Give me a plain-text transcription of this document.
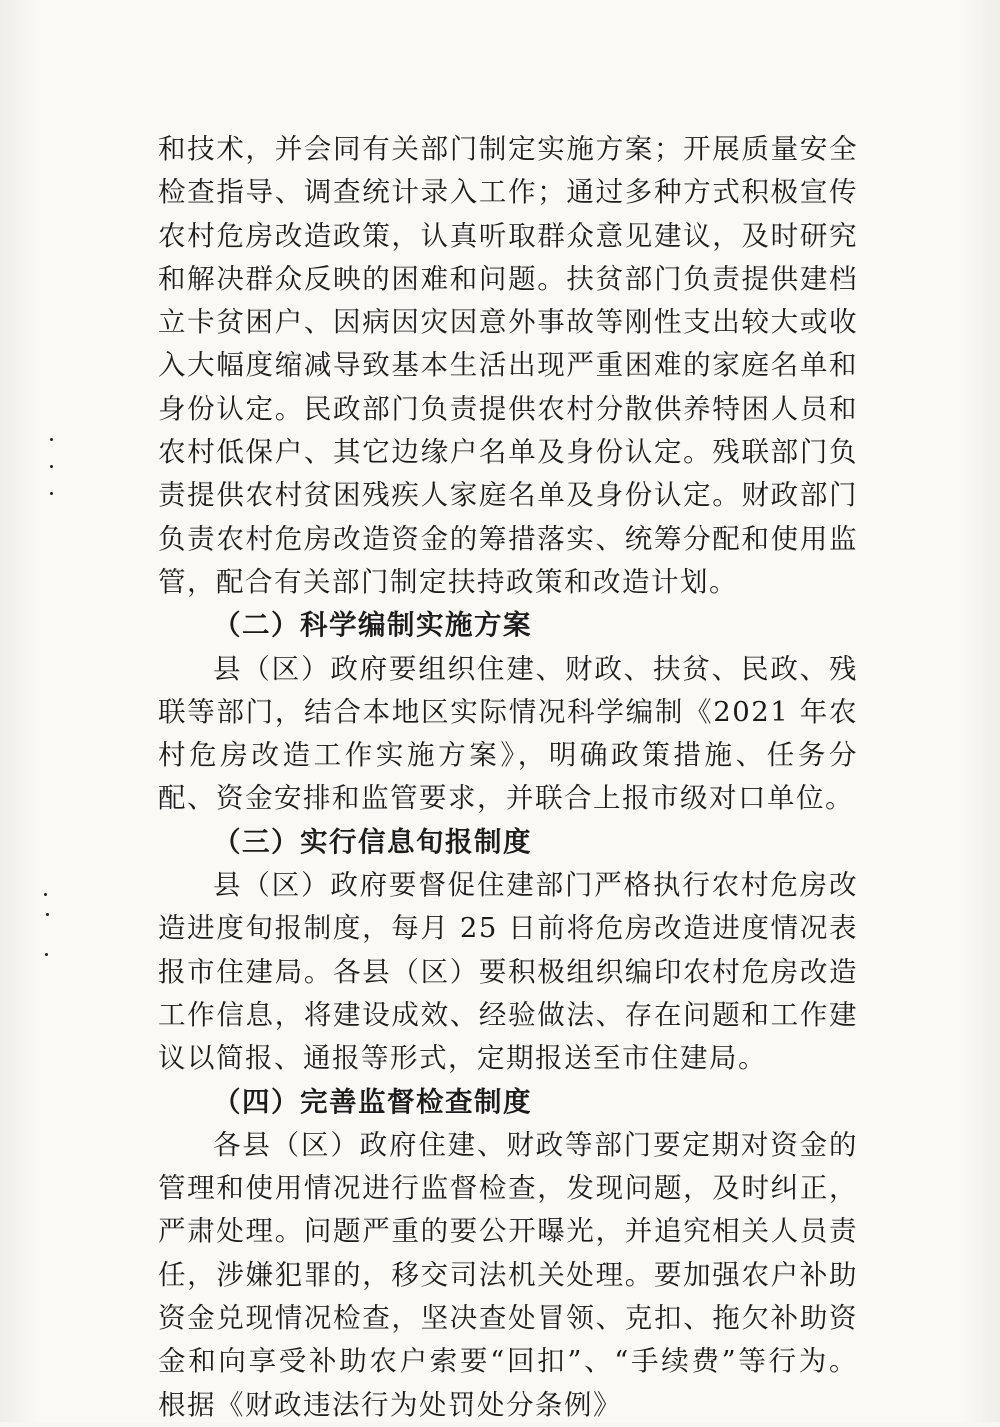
和技术，并会同有关部门制定实施方案；开展质量安全检查指导、调查统计录入工作；通过多种方式积极宣传农村危房改造政策，认真听取群众意见建议，及时研究和解决群众反映的困难和问题。扶贫部门负责提供建档立卡贫困户、因病因灾因意外事故等刚性支出较大或收入大幅度缩减导致基本生活出现严重困难的家庭名单和身份认定。民政部门负责提供农村分散供养特困人员和农村低保户、其它边缘户名单及身份认定。残联部门负责提供农村贫困残疾人家庭名单及身份认定。财政部门负责农村危房改造资金的筹措落实、统筹分配和使用监管，配合有关部门制定扶持政策和改造计划。

（二）科学编制实施方案

县（区）政府要组织住建、财政、扶贫、民政、残联等部门，结合本地区实际情况科学编制《2021 年农村危房改造工作实施方案》，明确政策措施、任务分配、资金安排和监管要求，并联合上报市级对口单位。

（三）实行信息旬报制度

县（区）政府要督促住建部门严格执行农村危房改造进度旬报制度，每月 25 日前将危房改造进度情况表报市住建局。各县（区）要积极组织编印农村危房改造工作信息，将建设成效、经验做法、存在问题和工作建议以简报、通报等形式，定期报送至市住建局。

（四）完善监督检查制度

各县（区）政府住建、财政等部门要定期对资金的管理和使用情况进行监督检查，发现问题，及时纠正，严肃处理。问题严重的要公开曝光，并追究相关人员责任，涉嫌犯罪的，移交司法机关处理。要加强农户补助资金兑现情况检查，坚决查处冒领、克扣、拖欠补助资金和向享受补助农户索要“回扣”、“手续费”等行为。根据《财政违法行为处罚处分条例》
